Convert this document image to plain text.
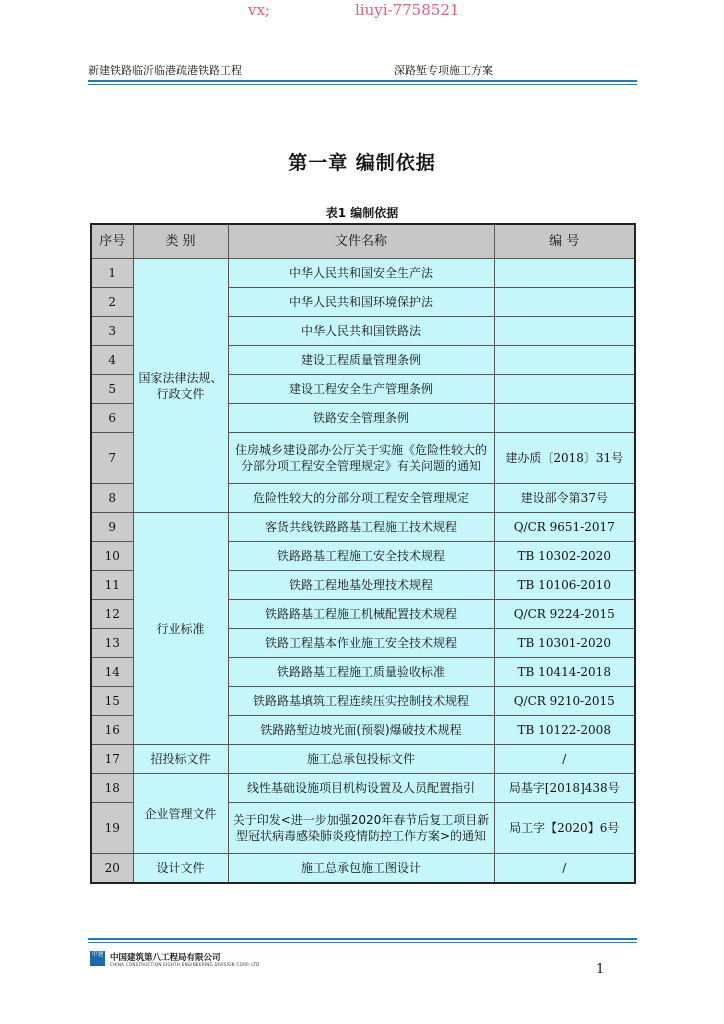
vx;	liuyi-7758521
新建铁路临沂临港疏港铁路工程	深路堑专项施工方案
第一章 编制依据
表1 编制依据
序号	类 别	文件名称	编 号
1	国家法律法规、行政文件	中华人民共和国安全生产法	
2		中华人民共和国环境保护法	
3		中华人民共和国铁路法	
4		建设工程质量管理条例	
5		建设工程安全生产管理条例	
6		铁路安全管理条例	
7		住房城乡建设部办公厅关于实施《危险性较大的分部分项工程安全管理规定》有关问题的通知	建办质〔2018〕31号
8		危险性较大的分部分项工程安全管理规定	建设部令第37号
9	行业标准	客货共线铁路路基工程施工技术规程	Q/CR 9651-2017
10		铁路路基工程施工安全技术规程	TB 10302-2020
11		铁路工程地基处理技术规程	TB 10106-2010
12		铁路路基工程施工机械配置技术规程	Q/CR 9224-2015
13		铁路工程基本作业施工安全技术规程	TB 10301-2020
14		铁路路基工程施工质量验收标准	TB 10414-2018
15		铁路路基填筑工程连续压实控制技术规程	Q/CR 9210-2015
16		铁路路堑边坡光面(预裂)爆破技术规程	TB 10122-2008
17	招投标文件	施工总承包投标文件	/
18	企业管理文件	线性基础设施项目机构设置及人员配置指引	局基字[2018]438号
19		关于印发<进一步加强2020年春节后复工项目新型冠状病毒感染肺炎疫情防控工作方案>的通知	局工字【2020】6号
20	设计文件	施工总承包施工图设计	/
中建 中国建筑第八工程局有限公司
CHINA CONSTRUCTION EIGHTH ENGINEERING DIVISION CORP.,LTD	1
